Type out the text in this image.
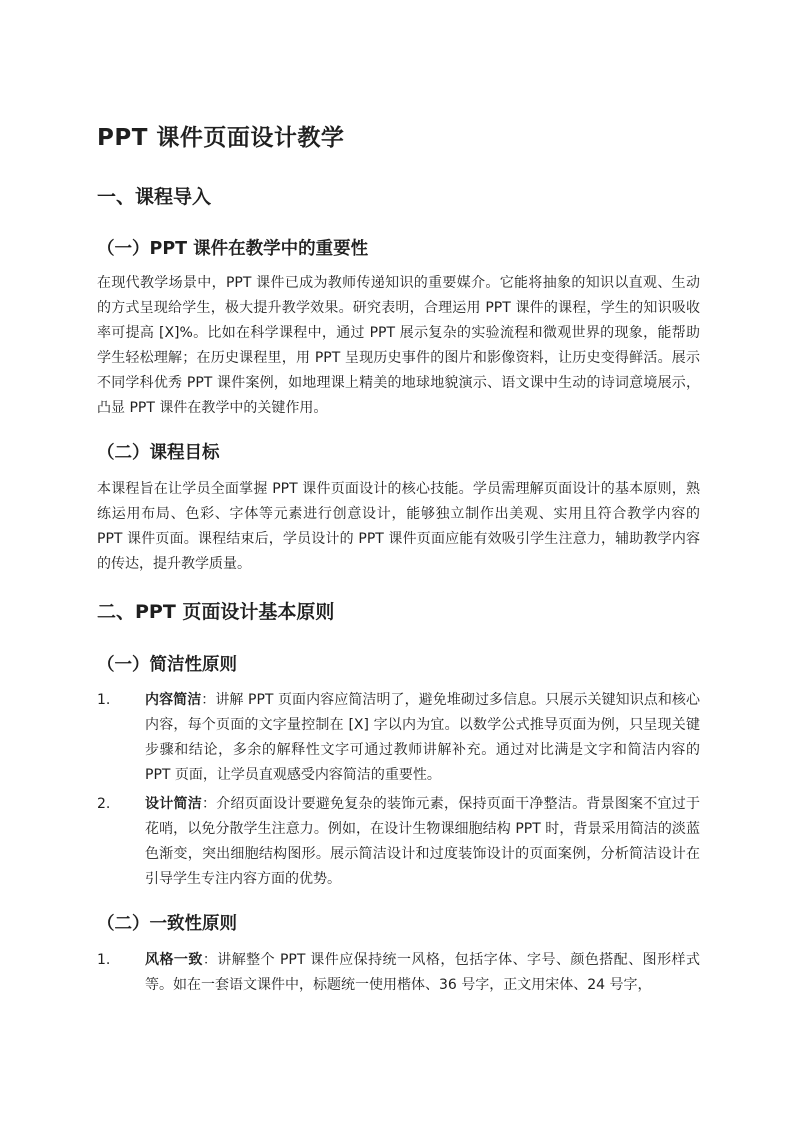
PPT 课件页面设计教学
一、课程导入
（一）PPT 课件在教学中的重要性

在现代教学场景中，PPT 课件已成为教师传递知识的重要媒介。它能将抽象的知识以直观、生动的方式呈现给学生，极大提升教学效果。研究表明，合理运用 PPT 课件的课程，学生的知识吸收率可提高 [X]%。比如在科学课程中，通过 PPT 展示复杂的实验流程和微观世界的现象，能帮助学生轻松理解；在历史课程里，用 PPT 呈现历史事件的图片和影像资料，让历史变得鲜活。展示不同学科优秀 PPT 课件案例，如地理课上精美的地球地貌演示、语文课中生动的诗词意境展示，凸显 PPT 课件在教学中的关键作用。

（二）课程目标

本课程旨在让学员全面掌握 PPT 课件页面设计的核心技能。学员需理解页面设计的基本原则，熟练运用布局、色彩、字体等元素进行创意设计，能够独立制作出美观、实用且符合教学内容的 PPT 课件页面。课程结束后，学员设计的 PPT 课件页面应能有效吸引学生注意力，辅助教学内容的传达，提升教学质量。

二、PPT 页面设计基本原则
（一）简洁性原则
1. 内容简洁：讲解 PPT 页面内容应简洁明了，避免堆砌过多信息。只展示关键知识点和核心内容，每个页面的文字量控制在 [X] 字以内为宜。以数学公式推导页面为例，只呈现关键步骤和结论，多余的解释性文字可通过教师讲解补充。通过对比满是文字和简洁内容的 PPT 页面，让学员直观感受内容简洁的重要性。
2. 设计简洁：介绍页面设计要避免复杂的装饰元素，保持页面干净整洁。背景图案不宜过于花哨，以免分散学生注意力。例如，在设计生物课细胞结构 PPT 时，背景采用简洁的淡蓝色渐变，突出细胞结构图形。展示简洁设计和过度装饰设计的页面案例，分析简洁设计在引导学生专注内容方面的优势。
（二）一致性原则
1. 风格一致：讲解整个 PPT 课件应保持统一风格，包括字体、字号、颜色搭配、图形样式等。如在一套语文课件中，标题统一使用楷体、36 号字，正文用宋体、24 号字，
